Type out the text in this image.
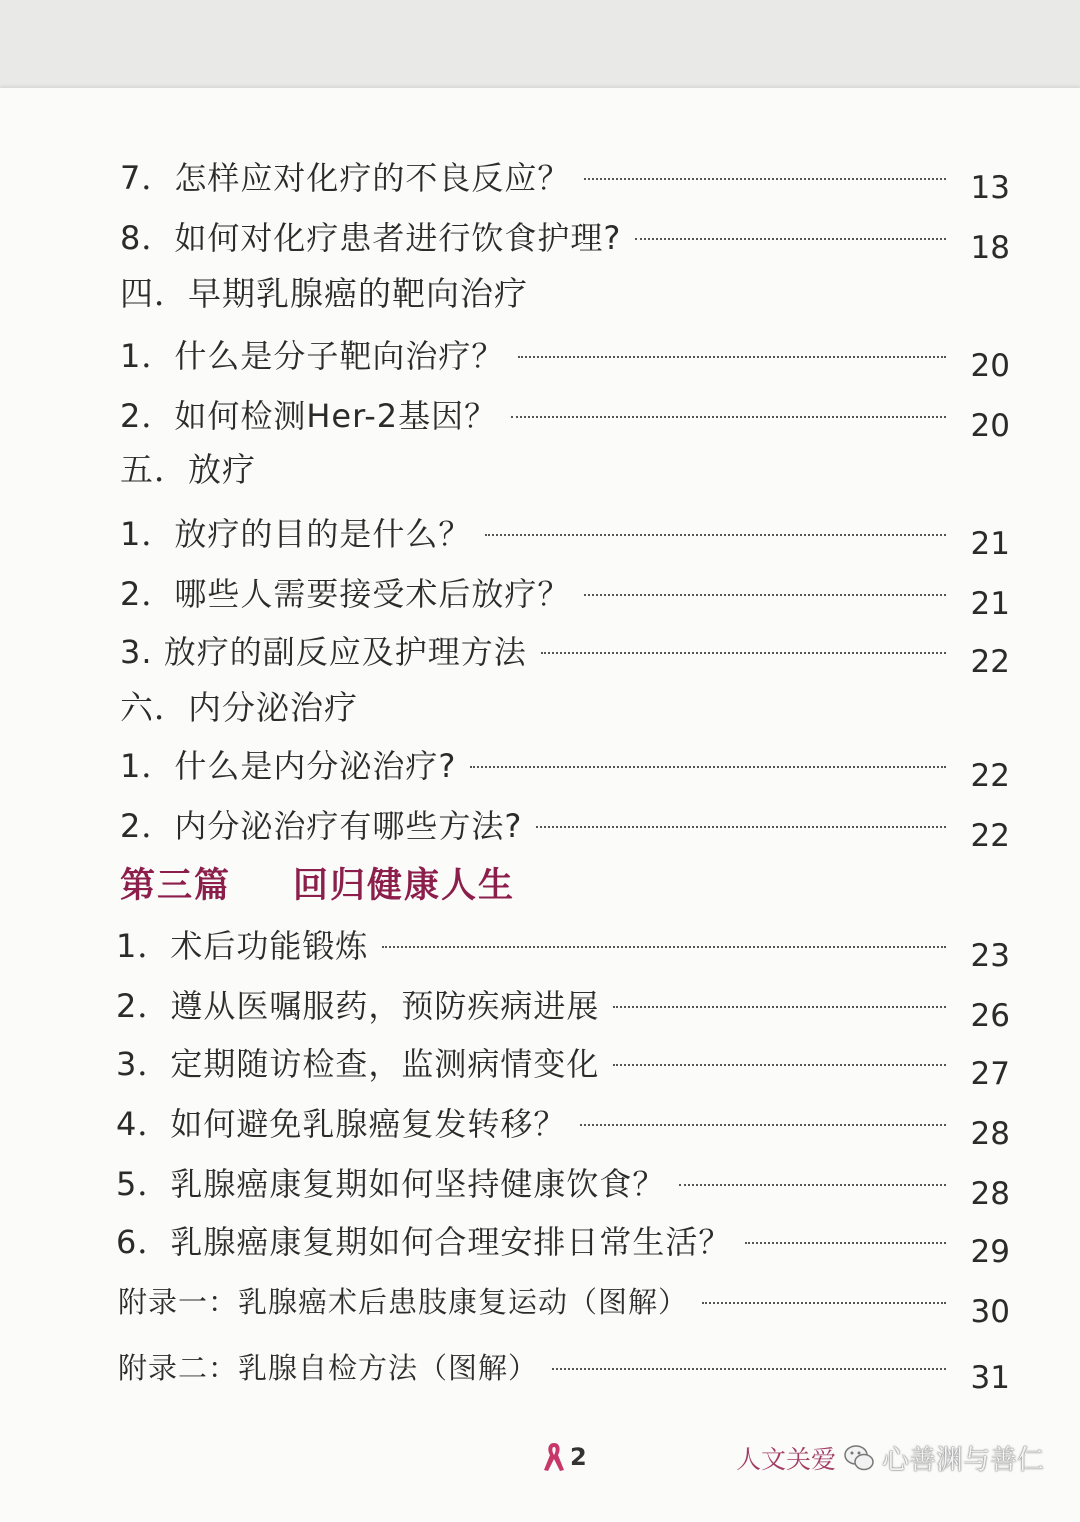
7．怎样应对化疗的不良反应？	13
8．如何对化疗患者进行饮食护理?	18
四．早期乳腺癌的靶向治疗
1．什么是分子靶向治疗？	20
2．如何检测Her-2基因？	20
五．放疗
1．放疗的目的是什么？	21
2．哪些人需要接受术后放疗？	21
3. 放疗的副反应及护理方法	22
六．内分泌治疗
1．什么是内分泌治疗?	22
2．内分泌治疗有哪些方法?	22
第三篇 回归健康人生
1．术后功能锻炼	23
2．遵从医嘱服药，预防疾病进展	26
3．定期随访检查，监测病情变化	27
4．如何避免乳腺癌复发转移？	28
5．乳腺癌康复期如何坚持健康饮食？	28
6．乳腺癌康复期如何合理安排日常生活？	29
附录一：乳腺癌术后患肢康复运动（图解）	30
附录二：乳腺自检方法（图解）	31
2	人文关爱 心善渊与善仁
